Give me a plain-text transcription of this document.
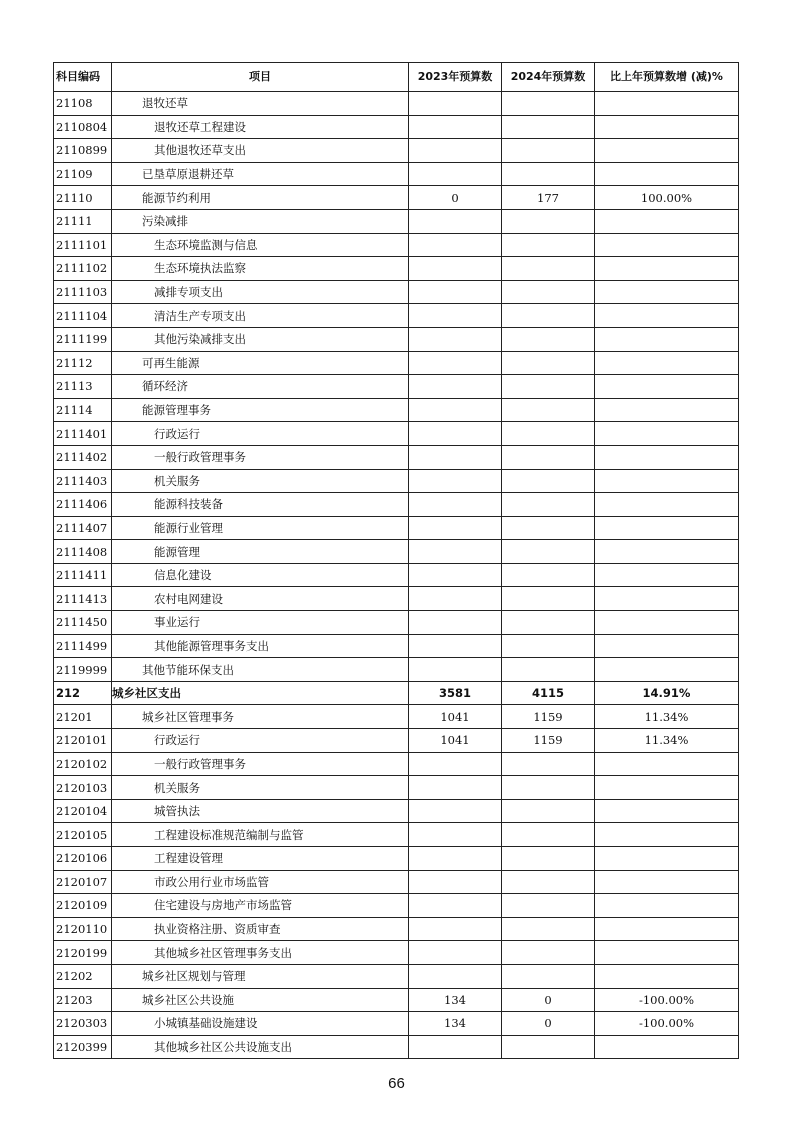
科目编码	项目	2023年预算数	2024年预算数	比上年预算数增 (减)%
21108	退牧还草			
2110804	退牧还草工程建设			
2110899	其他退牧还草支出			
21109	已垦草原退耕还草			
21110	能源节约利用	0	177	100.00%
21111	污染减排			
2111101	生态环境监测与信息			
2111102	生态环境执法监察			
2111103	减排专项支出			
2111104	清洁生产专项支出			
2111199	其他污染减排支出			
21112	可再生能源			
21113	循环经济			
21114	能源管理事务			
2111401	行政运行			
2111402	一般行政管理事务			
2111403	机关服务			
2111406	能源科技装备			
2111407	能源行业管理			
2111408	能源管理			
2111411	信息化建设			
2111413	农村电网建设			
2111450	事业运行			
2111499	其他能源管理事务支出			
2119999	其他节能环保支出			
212	城乡社区支出	3581	4115	14.91%
21201	城乡社区管理事务	1041	1159	11.34%
2120101	行政运行	1041	1159	11.34%
2120102	一般行政管理事务			
2120103	机关服务			
2120104	城管执法			
2120105	工程建设标准规范编制与监管			
2120106	工程建设管理			
2120107	市政公用行业市场监管			
2120109	住宅建设与房地产市场监管			
2120110	执业资格注册、资质审查			
2120199	其他城乡社区管理事务支出			
21202	城乡社区规划与管理			
21203	城乡社区公共设施	134	0	-100.00%
2120303	小城镇基础设施建设	134	0	-100.00%
2120399	其他城乡社区公共设施支出			
66
